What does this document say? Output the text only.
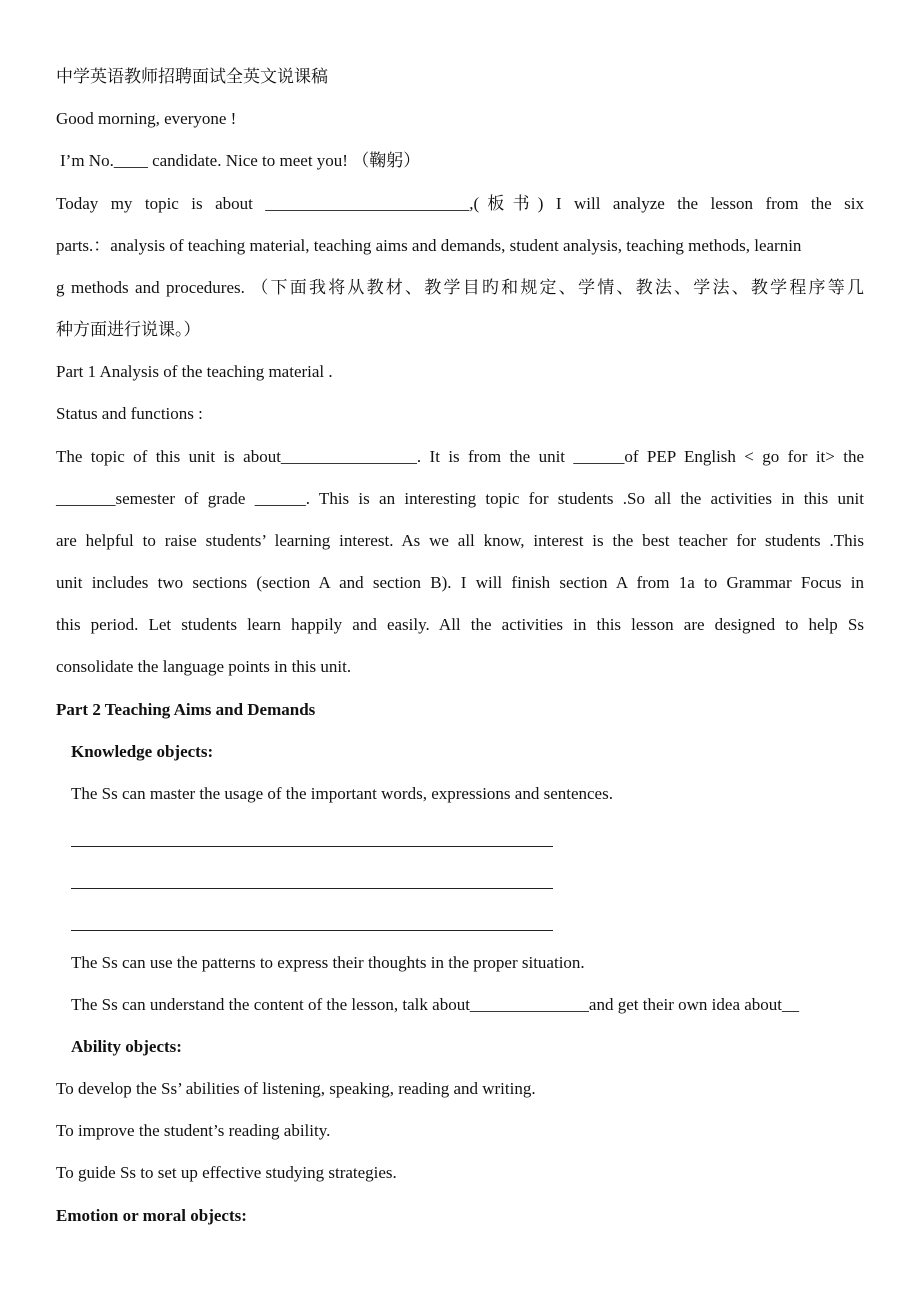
中学英语教师招聘面试全英文说课稿
Good morning, everyone !
I’m No.____ candidate. Nice to meet you! （鞠躬）
Today my topic is about ________________________,(板书) I will analyze the lesson from the six
parts.：analysis of teaching material, teaching aims and demands, student analysis, teaching methods, learnin
g methods and procedures. （下面我将从教材、教学目旳和规定、学情、教法、学法、教学程序等几
种方面进行说课。）
Part 1 Analysis of the teaching material .
Status and functions :
The topic of this unit is about________________. It is from the unit ______of PEP English < go for it> the
_______semester of grade ______. This is an interesting topic for students .So all the activities in this unit
are helpful to raise students’ learning interest. As we all know, interest is the best teacher for students .This
unit includes two sections (section A and section B). I will finish section A from 1a to Grammar Focus in
this period. Let students learn happily and easily. All the activities in this lesson are designed to help Ss
consolidate the language points in this unit.
Part 2 Teaching Aims and Demands
Knowledge objects:
The Ss can master the usage of the important words, expressions and sentences.
The Ss can use the patterns to express their thoughts in the proper situation.
The Ss can understand the content of the lesson, talk about______________and get their own idea about__
Ability objects:
To develop the Ss’ abilities of listening, speaking, reading and writing.
To improve the student’s reading ability.
To guide Ss to set up effective studying strategies.
Emotion or moral objects:
